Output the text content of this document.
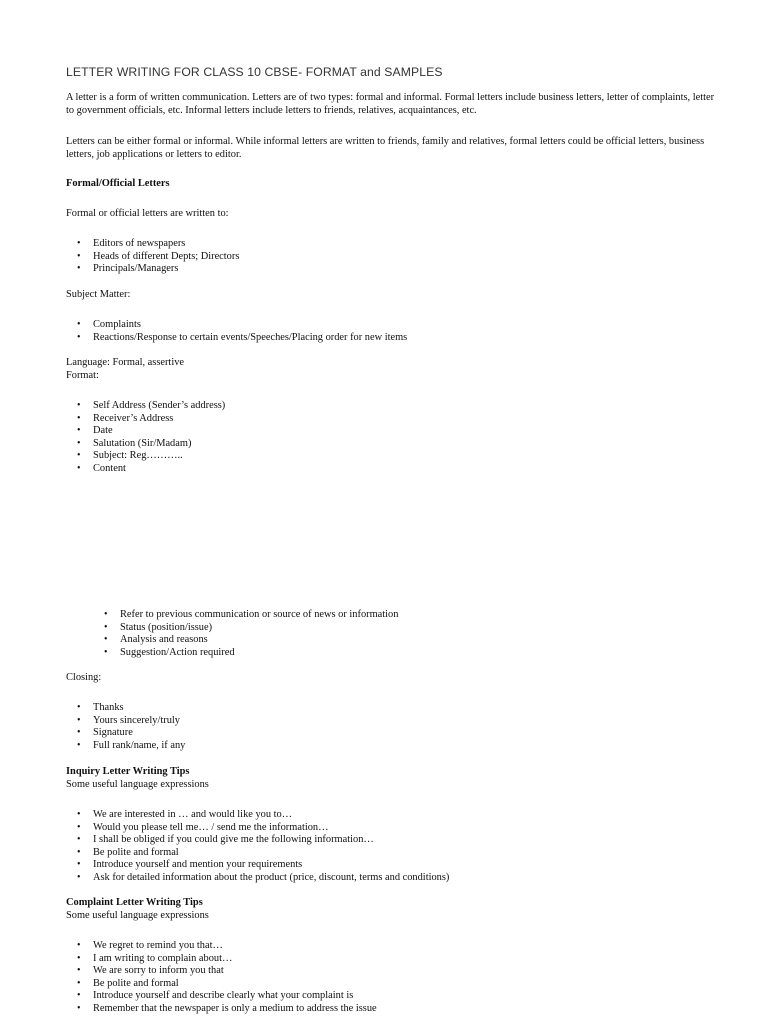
LETTER WRITING FOR CLASS 10 CBSE- FORMAT and SAMPLES
A letter is a form of written communication. Letters are of two types: formal and informal. Formal letters include business letters, letter of complaints, letter to government officials, etc. Informal letters include letters to friends, relatives, acquaintances, etc.
Letters can be either formal or informal. While informal letters are written to friends, family and relatives, formal letters could be official letters, business letters, job applications or letters to editor.
Formal/Official Letters
Formal or official letters are written to:
• Editors of newspapers
• Heads of different Depts; Directors
• Principals/Managers
Subject Matter:
• Complaints
• Reactions/Response to certain events/Speeches/Placing order for new items
Language: Formal, assertive
Format:
• Self Address (Sender’s address)
• Receiver’s Address
• Date
• Salutation (Sir/Madam)
• Subject: Reg………..
• Content
• Refer to previous communication or source of news or information
• Status (position/issue)
• Analysis and reasons
• Suggestion/Action required
Closing:
• Thanks
• Yours sincerely/truly
• Signature
• Full rank/name, if any
Inquiry Letter Writing Tips
Some useful language expressions
• We are interested in … and would like you to…
• Would you please tell me… / send me the information…
• I shall be obliged if you could give me the following information…
• Be polite and formal
• Introduce yourself and mention your requirements
• Ask for detailed information about the product (price, discount, terms and conditions)
Complaint Letter Writing Tips
Some useful language expressions
• We regret to remind you that…
• I am writing to complain about…
• We are sorry to inform you that
• Be polite and formal
• Introduce yourself and describe clearly what your complaint is
• Remember that the newspaper is only a medium to address the issue
